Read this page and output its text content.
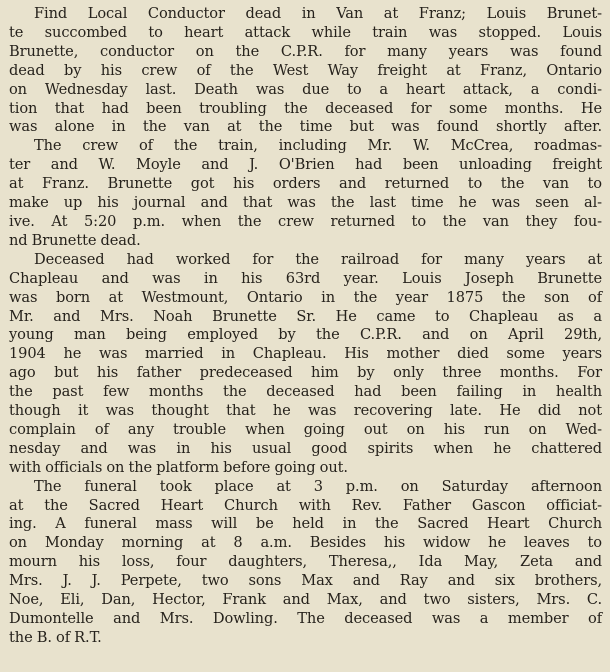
Find Local Conductor dead in Van at Franz; Louis Brunet-
te succombed to heart attack while train was stopped. Louis
Brunette, conductor on the C.P.R. for many years was found
dead by his crew of the West Way freight at Franz, Ontario
on Wednesday last. Death was due to a heart attack, a condi-
tion that had been troubling the deceased for some months. He
was alone in the van at the time but was found shortly after.

The crew of the train, including Mr. W. McCrea, roadmas-
ter and W. Moyle and J. O'Brien had been unloading freight
at Franz. Brunette got his orders and returned to the van to
make up his journal and that was the last time he was seen al-
ive. At 5:20 p.m. when the crew returned to the van they fou-
nd Brunette dead.

Deceased had worked for the railroad for many years at
Chapleau and was in his 63rd year. Louis Joseph Brunette
was born at Westmount, Ontario in the year 1875 the son of
Mr. and Mrs. Noah Brunette Sr. He came to Chapleau as a
young man being employed by the C.P.R. and on April 29th,
1904 he was married in Chapleau. His mother died some years
ago but his father predeceased him by only three months. For
the past few months the deceased had been failing in health
though it was thought that he was recovering late. He did not
complain of any trouble when going out on his run on Wed-
nesday and was in his usual good spirits when he chattered
with officials on the platform before going out.

The funeral took place at 3 p.m. on Saturday afternoon
at the Sacred Heart Church with Rev. Father Gascon officiat-
ing. A funeral mass will be held in the Sacred Heart Church
on Monday morning at 8 a.m. Besides his widow he leaves to
mourn his loss, four daughters, Theresa,, Ida May, Zeta and
Mrs. J. J. Perpete, two sons Max and Ray and six brothers,
Noe, Eli, Dan, Hector, Frank and Max, and two sisters, Mrs. C.
Dumontelle and Mrs. Dowling. The deceased was a member of
the B. of R.T.
